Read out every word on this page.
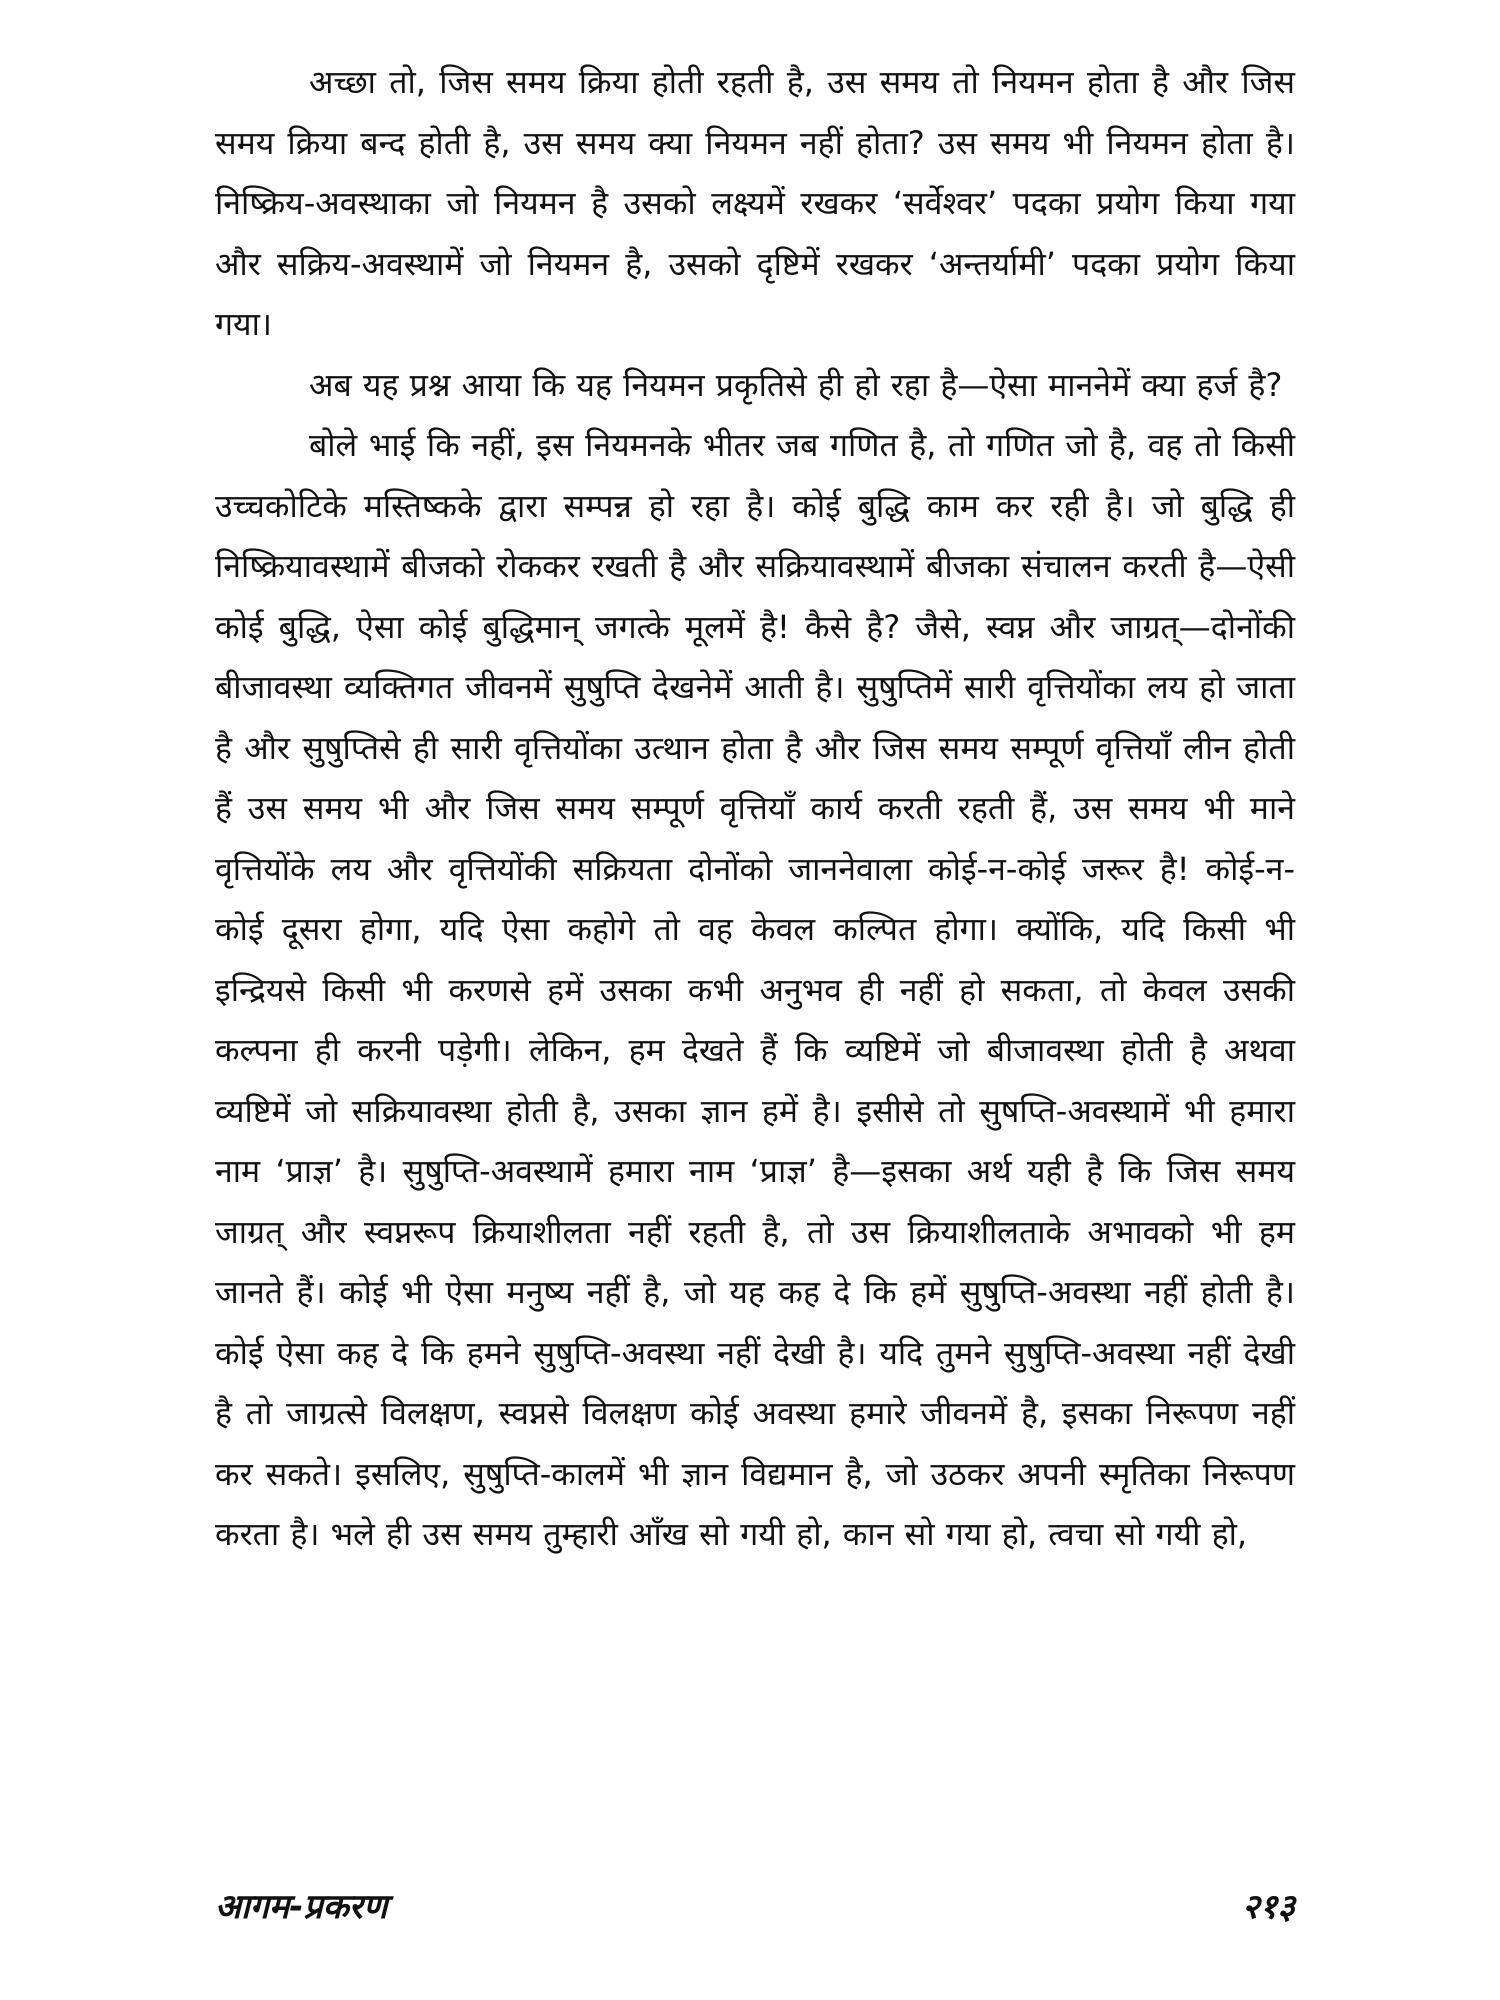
अच्छा तो, जिस समय क्रिया होती रहती है, उस समय तो नियमन होता है और जिस समय क्रिया बन्द होती है, उस समय क्या नियमन नहीं होता? उस समय भी नियमन होता है। निष्क्रिय-अवस्थाका जो नियमन है उसको लक्ष्यमें रखकर ‘सर्वेश्वर’ पदका प्रयोग किया गया और सक्रिय-अवस्थामें जो नियमन है, उसको दृष्टिमें रखकर ‘अन्तर्यामी’ पदका प्रयोग किया गया।

अब यह प्रश्न आया कि यह नियमन प्रकृतिसे ही हो रहा है—ऐसा माननेमें क्या हर्ज है?

बोले भाई कि नहीं, इस नियमनके भीतर जब गणित है, तो गणित जो है, वह तो किसी उच्चकोटिके मस्तिष्कके द्वारा सम्पन्न हो रहा है। कोई बुद्धि काम कर रही है। जो बुद्धि ही निष्क्रियावस्थामें बीजको रोककर रखती है और सक्रियावस्थामें बीजका संचालन करती है—ऐसी कोई बुद्धि, ऐसा कोई बुद्धिमान् जगत्के मूलमें है! कैसे है? जैसे, स्वप्न और जाग्रत्—दोनोंकी बीजावस्था व्यक्तिगत जीवनमें सुषुप्ति देखनेमें आती है। सुषुप्तिमें सारी वृत्तियोंका लय हो जाता है और सुषुप्तिसे ही सारी वृत्तियोंका उत्थान होता है और जिस समय सम्पूर्ण वृत्तियाँ लीन होती हैं उस समय भी और जिस समय सम्पूर्ण वृत्तियाँ कार्य करती रहती हैं, उस समय भी माने वृत्तियोंके लय और वृत्तियोंकी सक्रियता दोनोंको जाननेवाला कोई-न-कोई जरूर है! कोई-न-कोई दूसरा होगा, यदि ऐसा कहोगे तो वह केवल कल्पित होगा। क्योंकि, यदि किसी भी इन्द्रियसे किसी भी करणसे हमें उसका कभी अनुभव ही नहीं हो सकता, तो केवल उसकी कल्पना ही करनी पड़ेगी। लेकिन, हम देखते हैं कि व्यष्टिमें जो बीजावस्था होती है अथवा व्यष्टिमें जो सक्रियावस्था होती है, उसका ज्ञान हमें है। इसीसे तो सुषप्ति-अवस्थामें भी हमारा नाम ‘प्राज्ञ’ है। सुषुप्ति-अवस्थामें हमारा नाम ‘प्राज्ञ’ है—इसका अर्थ यही है कि जिस समय जाग्रत् और स्वप्नरूप क्रियाशीलता नहीं रहती है, तो उस क्रियाशीलताके अभावको भी हम जानते हैं। कोई भी ऐसा मनुष्य नहीं है, जो यह कह दे कि हमें सुषुप्ति-अवस्था नहीं होती है। कोई ऐसा कह दे कि हमने सुषुप्ति-अवस्था नहीं देखी है। यदि तुमने सुषुप्ति-अवस्था नहीं देखी है तो जाग्रत्से विलक्षण, स्वप्नसे विलक्षण कोई अवस्था हमारे जीवनमें है, इसका निरूपण नहीं कर सकते। इसलिए, सुषुप्ति-कालमें भी ज्ञान विद्यमान है, जो उठकर अपनी स्मृतिका निरूपण करता है। भले ही उस समय तुम्हारी आँख सो गयी हो, कान सो गया हो, त्वचा सो गयी हो,

आगम-प्रकरण	२१३
